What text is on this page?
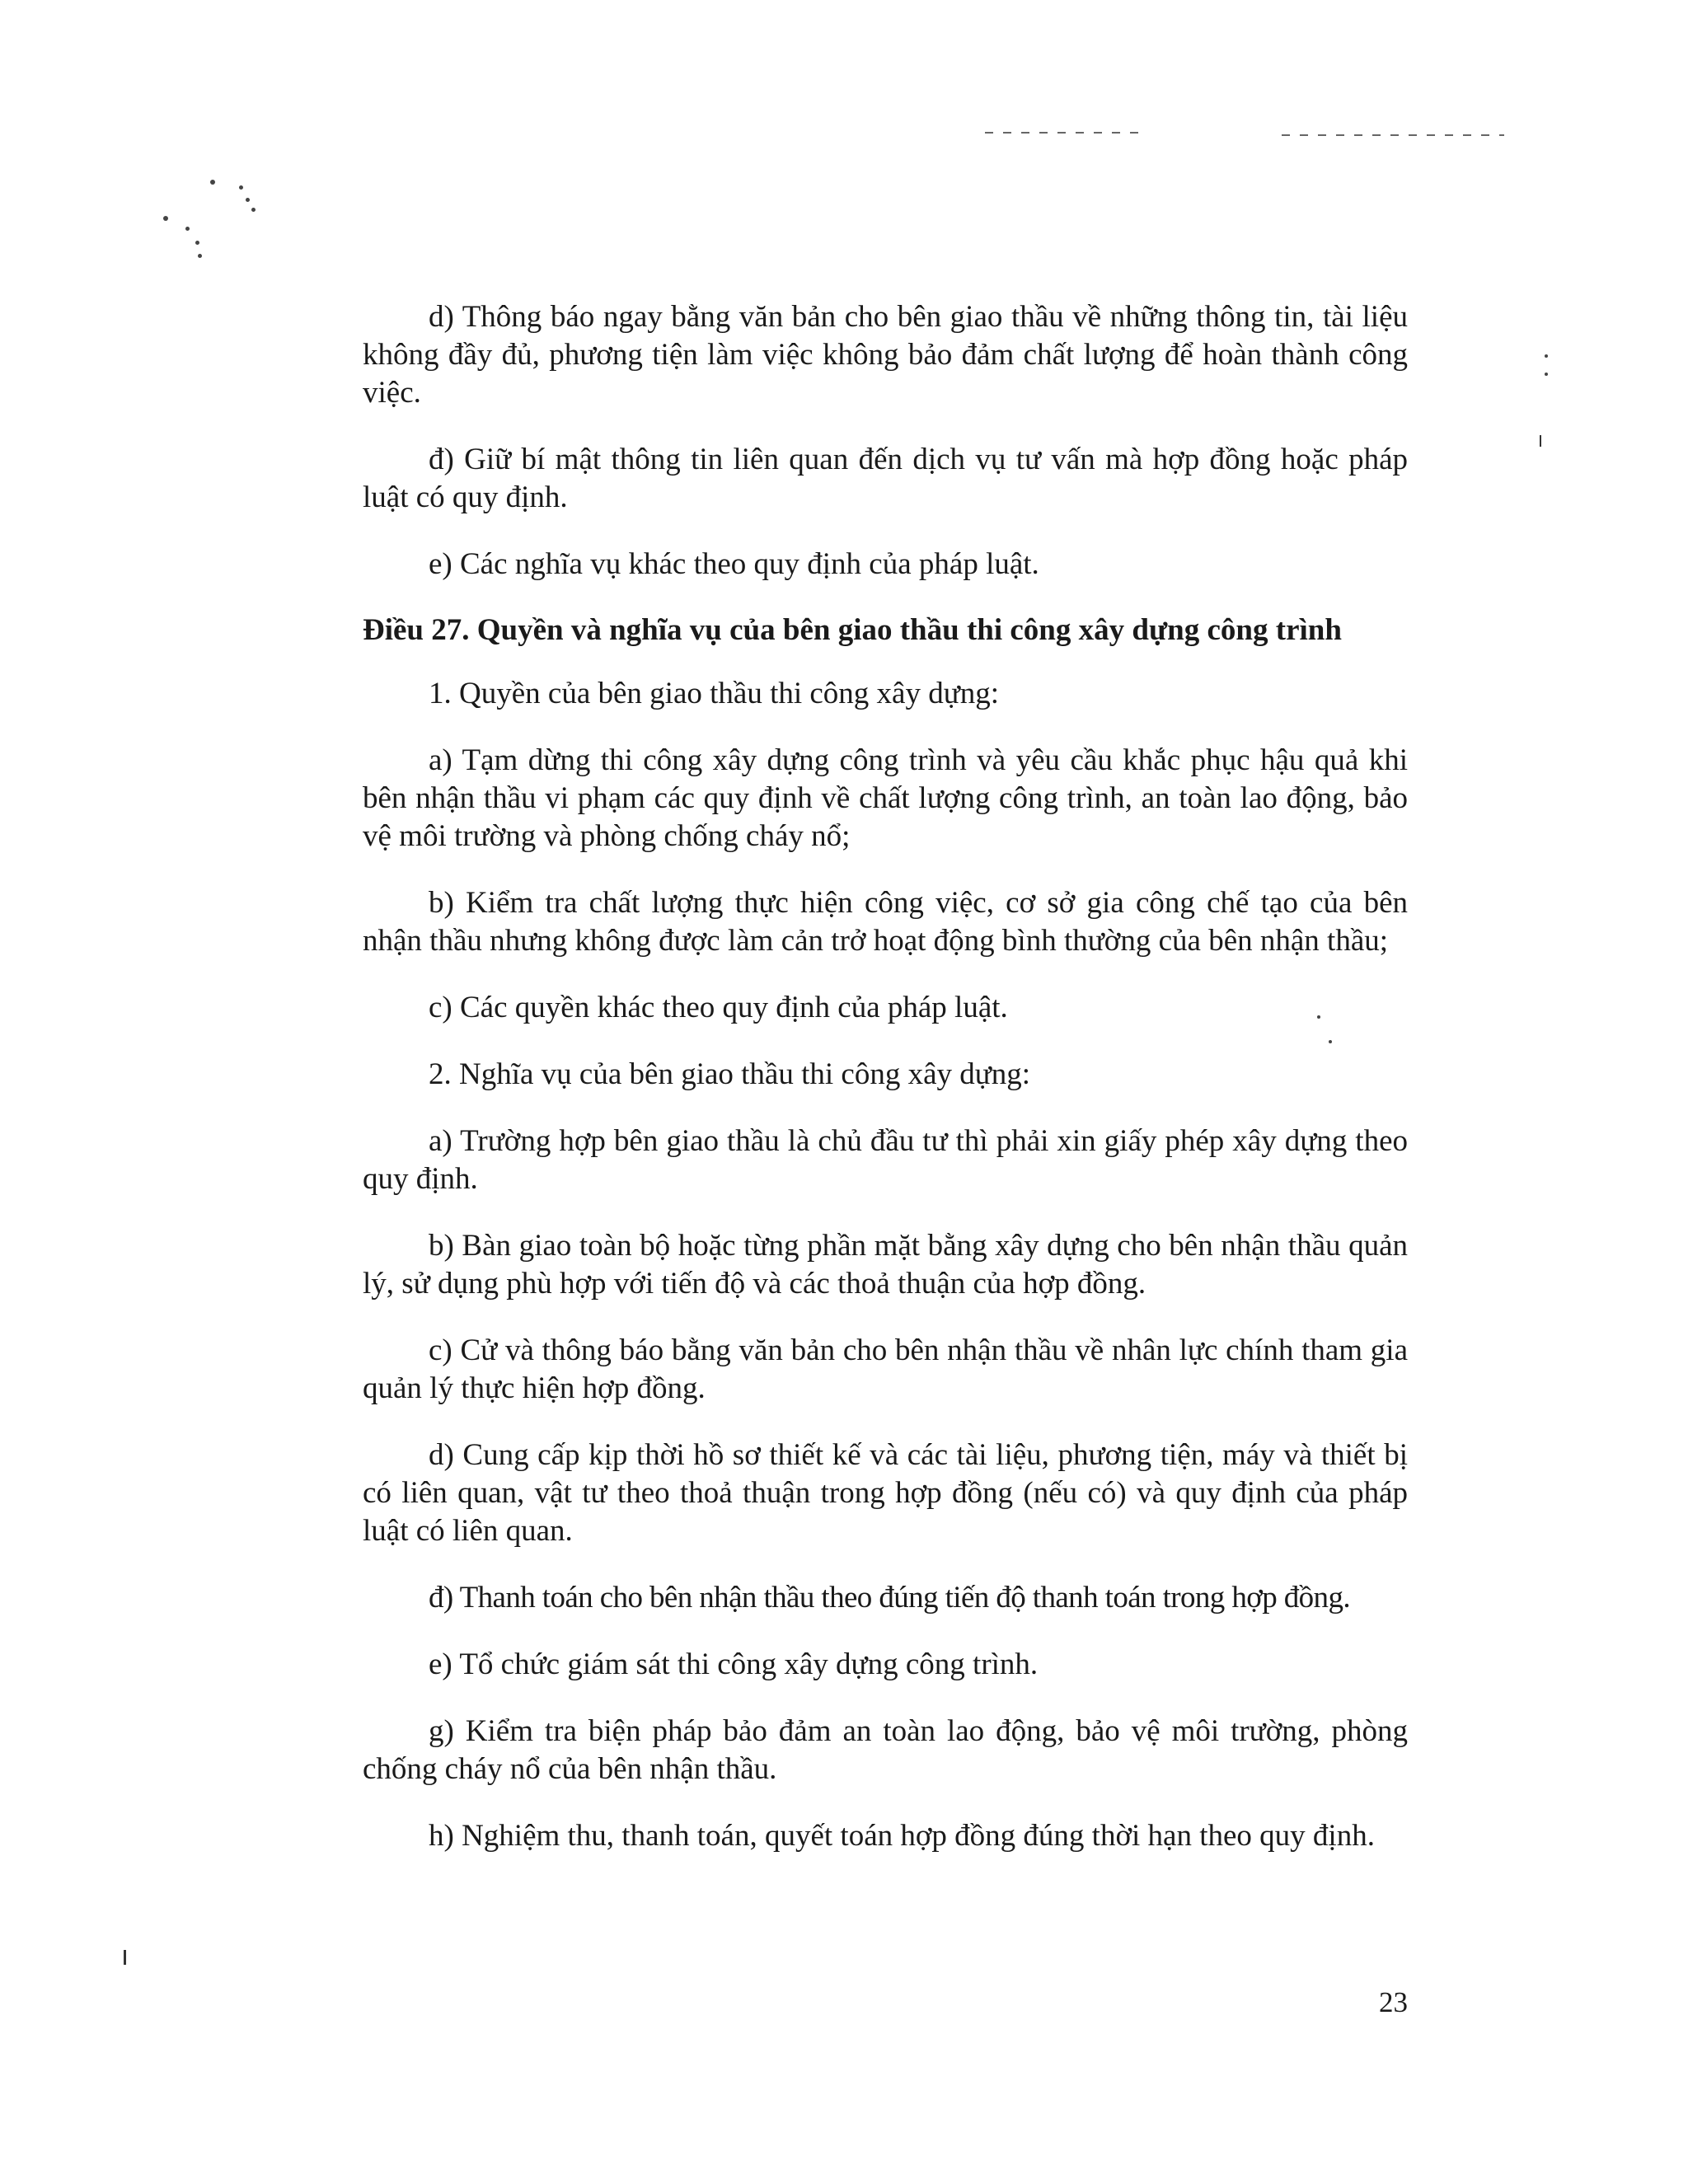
d) Thông báo ngay bằng văn bản cho bên giao thầu về những thông tin, tài liệu không đầy đủ, phương tiện làm việc không bảo đảm chất lượng để hoàn thành công việc.

đ) Giữ bí mật thông tin liên quan đến dịch vụ tư vấn mà hợp đồng hoặc pháp luật có quy định.

e) Các nghĩa vụ khác theo quy định của pháp luật.

Điều 27. Quyền và nghĩa vụ của bên giao thầu thi công xây dựng công trình

1. Quyền của bên giao thầu thi công xây dựng:

a) Tạm dừng thi công xây dựng công trình và yêu cầu khắc phục hậu quả khi bên nhận thầu vi phạm các quy định về chất lượng công trình, an toàn lao động, bảo vệ môi trường và phòng chống cháy nổ;

b) Kiểm tra chất lượng thực hiện công việc, cơ sở gia công chế tạo của bên nhận thầu nhưng không được làm cản trở hoạt động bình thường của bên nhận thầu;

c) Các quyền khác theo quy định của pháp luật.

2. Nghĩa vụ của bên giao thầu thi công xây dựng:

a) Trường hợp bên giao thầu là chủ đầu tư thì phải xin giấy phép xây dựng theo quy định.

b) Bàn giao toàn bộ hoặc từng phần mặt bằng xây dựng cho bên nhận thầu quản lý, sử dụng phù hợp với tiến độ và các thoả thuận của hợp đồng.

c) Cử và thông báo bằng văn bản cho bên nhận thầu về nhân lực chính tham gia quản lý thực hiện hợp đồng.

d) Cung cấp kịp thời hồ sơ thiết kế và các tài liệu, phương tiện, máy và thiết bị có liên quan, vật tư theo thoả thuận trong hợp đồng (nếu có) và quy định của pháp luật có liên quan.

đ) Thanh toán cho bên nhận thầu theo đúng tiến độ thanh toán trong hợp đồng.

e) Tổ chức giám sát thi công xây dựng công trình.

g) Kiểm tra biện pháp bảo đảm an toàn lao động, bảo vệ môi trường, phòng chống cháy nổ của bên nhận thầu.

h) Nghiệm thu, thanh toán, quyết toán hợp đồng đúng thời hạn theo quy định.

23
